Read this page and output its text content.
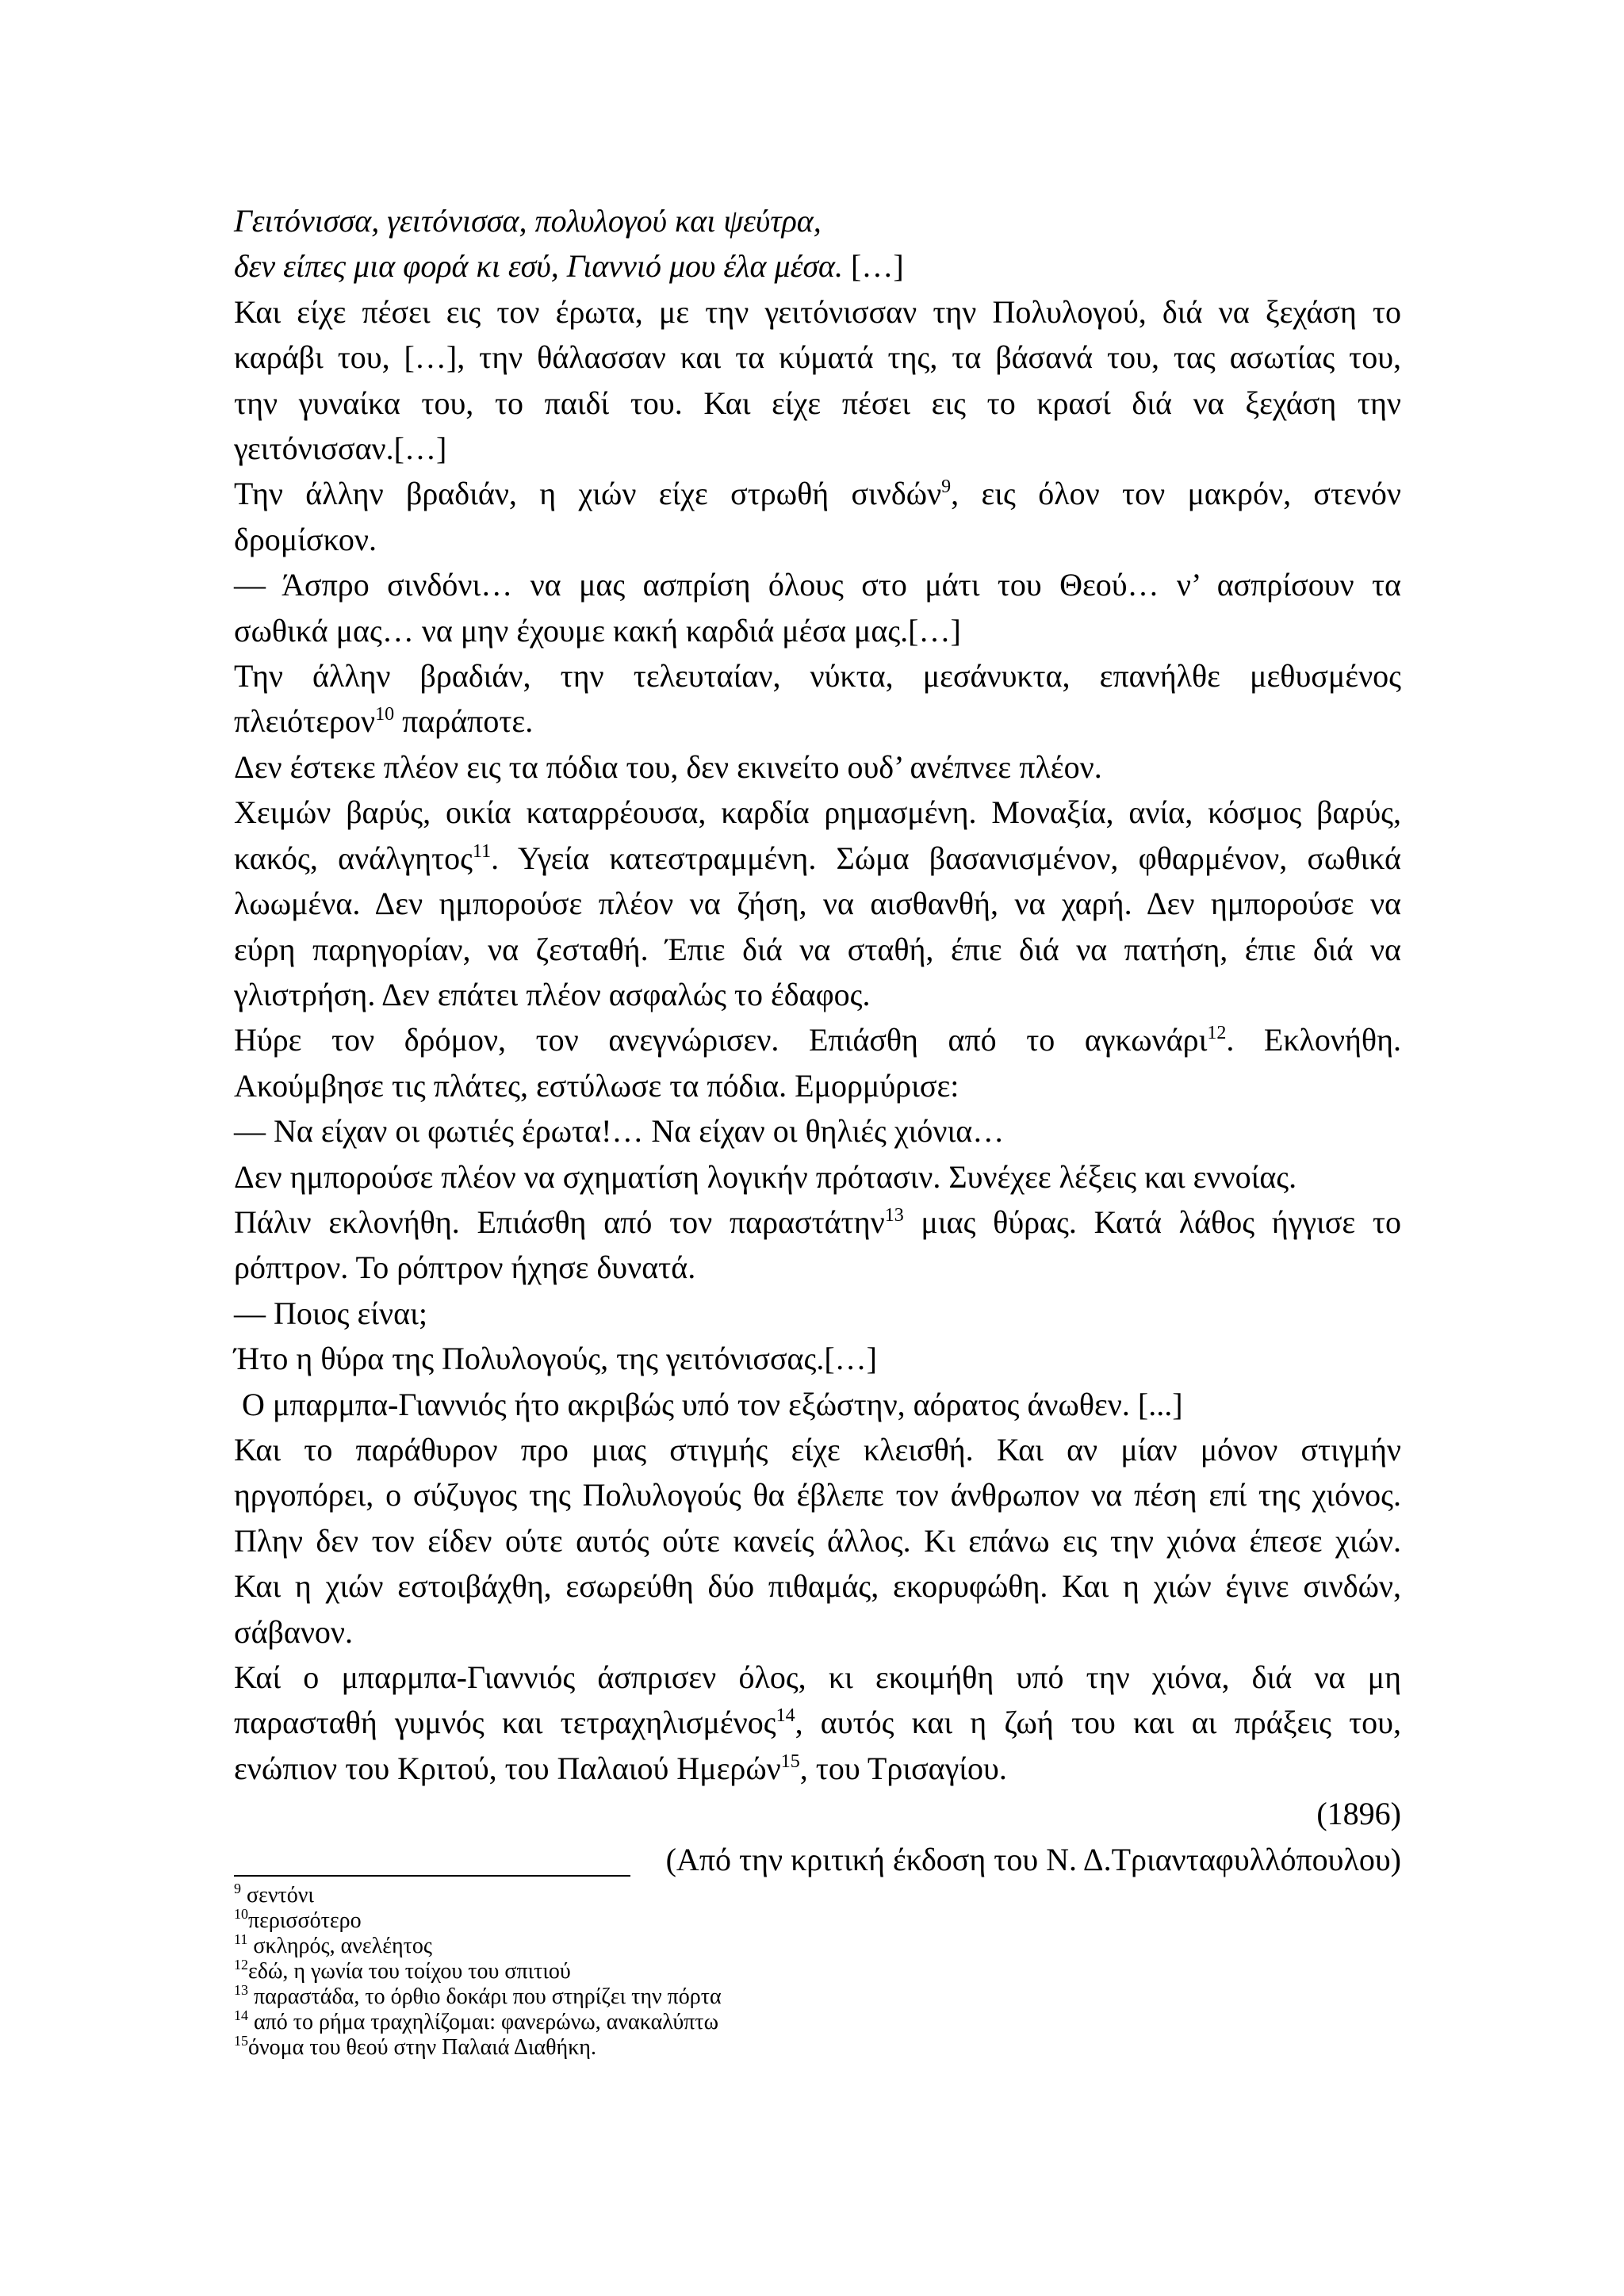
Γειτόνισσα, γειτόνισσα, πολυλογού και ψεύτρα,
δεν είπες μια φορά κι εσύ, Γιαννιό μου έλα μέσα. […]
Και είχε πέσει εις τον έρωτα, με την γειτόνισσαν την Πολυλογού, διά να ξεχάση το
καράβι του, […], την θάλασσαν και τα κύματά της, τα βάσανά του, τας ασωτίας του,
την γυναίκα του, το παιδί του. Και είχε πέσει εις το κρασί διά να ξεχάση την
γειτόνισσαν.[…]
Την άλλην βραδιάν, η χιών είχε στρωθή σινδών$^9$, εις όλον τον μακρόν, στενόν
δρομίσκον.
— Άσπρο σινδόνι… να μας ασπρίση όλους στο μάτι του Θεού… ν’ ασπρίσουν τα
σωθικά μας… να μην έχουμε κακή καρδιά μέσα μας.[…]
Την άλλην βραδιάν, την τελευταίαν, νύκτα, μεσάνυκτα, επανήλθε μεθυσμένος
πλειότερον$^{10}$ παράποτε.
Δεν έστεκε πλέον εις τα πόδια του, δεν εκινείτο ουδ’ ανέπνεε πλέον.
Χειμών βαρύς, οικία καταρρέουσα, καρδία ρημασμένη. Μοναξία, ανία, κόσμος βαρύς,
κακός, ανάλγητος$^{11}$. Υγεία κατεστραμμένη. Σώμα βασανισμένον, φθαρμένον, σωθικά
λωωμένα. Δεν ημπορούσε πλέον να ζήση, να αισθανθή, να χαρή. Δεν ημπορούσε να
εύρη παρηγορίαν, να ζεσταθή. Έπιε διά να σταθή, έπιε διά να πατήση, έπιε διά να
γλιστρήση. Δεν επάτει πλέον ασφαλώς το έδαφος.
Ηύρε τον δρόμον, τον ανεγνώρισεν. Επιάσθη από το αγκωνάρι$^{12}$. Εκλονήθη.
Ακούμβησε τις πλάτες, εστύλωσε τα πόδια. Εμορμύρισε:
— Να είχαν οι φωτιές έρωτα!… Να είχαν οι θηλιές χιόνια…
Δεν ημπορούσε πλέον να σχηματίση λογικήν πρότασιν. Συνέχεε λέξεις και εννοίας.
Πάλιν εκλονήθη. Επιάσθη από τον παραστάτην$^{13}$ μιας θύρας. Κατά λάθος ήγγισε το
ρόπτρον. Το ρόπτρον ήχησε δυνατά.
— Ποιος είναι;
Ήτο η θύρα της Πολυλογούς, της γειτόνισσας.[…]
Ο μπαρμπα-Γιαννιός ήτο ακριβώς υπό τον εξώστην, αόρατος άνωθεν. [...]
Και το παράθυρον προ μιας στιγμής είχε κλεισθή. Και αν μίαν μόνον στιγμήν
ηργοπόρει, ο σύζυγος της Πολυλογούς θα έβλεπε τον άνθρωπον να πέση επί της χιόνος.
Πλην δεν τον είδεν ούτε αυτός ούτε κανείς άλλος. Κι επάνω εις την χιόνα έπεσε χιών.
Και η χιών εστοιβάχθη, εσωρεύθη δύο πιθαμάς, εκορυφώθη. Και η χιών έγινε σινδών,
σάβανον.
Καί ο μπαρμπα-Γιαννιός άσπρισεν όλος, κι εκοιμήθη υπό την χιόνα, διά να μη
παρασταθή γυμνός και τετραχηλισμένος$^{14}$, αυτός και η ζωή του και αι πράξεις του,
ενώπιον του Κριτού, του Παλαιού Ημερών$^{15}$, του Τρισαγίου.
(1896)
(Από την κριτική έκδοση του Ν. Δ.Τριανταφυλλόπουλου)
$^9$ σεντόνι
$^{10}$περισσότερο
$^{11}$ σκληρός, ανελέητος
$^{12}$εδώ, η γωνία του τοίχου του σπιτιού
$^{13}$ παραστάδα, το όρθιο δοκάρι που στηρίζει την πόρτα
$^{14}$ από το ρήμα τραχηλίζομαι: φανερώνω, ανακαλύπτω
$^{15}$όνομα του θεού στην Παλαιά Διαθήκη.
